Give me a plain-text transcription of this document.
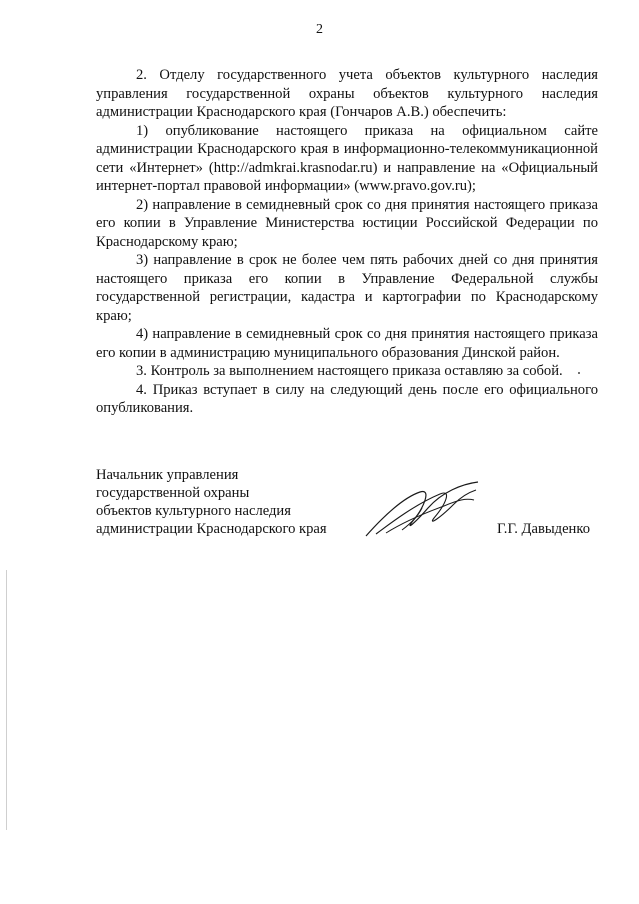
2

2. Отделу государственного учета объектов культурного наследия управления государственной охраны объектов культурного наследия администрации Краснодарского края (Гончаров А.В.) обеспечить:

1) опубликование настоящего приказа на официальном сайте администрации Краснодарского края в информационно-телекоммуникационной сети «Интернет» (http://admkrai.krasnodar.ru) и направление на «Официальный интернет-портал правовой информации» (www.pravo.gov.ru);

2) направление в семидневный срок со дня принятия настоящего приказа его копии в Управление Министерства юстиции Российской Федерации по Краснодарскому краю;

3) направление в срок не более чем пять рабочих дней со дня принятия настоящего приказа его копии в Управление Федеральной службы государственной регистрации, кадастра и картографии по Краснодарскому краю;

4) направление в семидневный срок со дня принятия настоящего приказа его копии в администрацию муниципального образования Динской район.

3. Контроль за выполнением настоящего приказа оставляю за собой.

4. Приказ вступает в силу на следующий день после его официального опубликования.

Начальник управления
государственной охраны
объектов культурного наследия
администрации Краснодарского края	Г.Г. Давыденко
